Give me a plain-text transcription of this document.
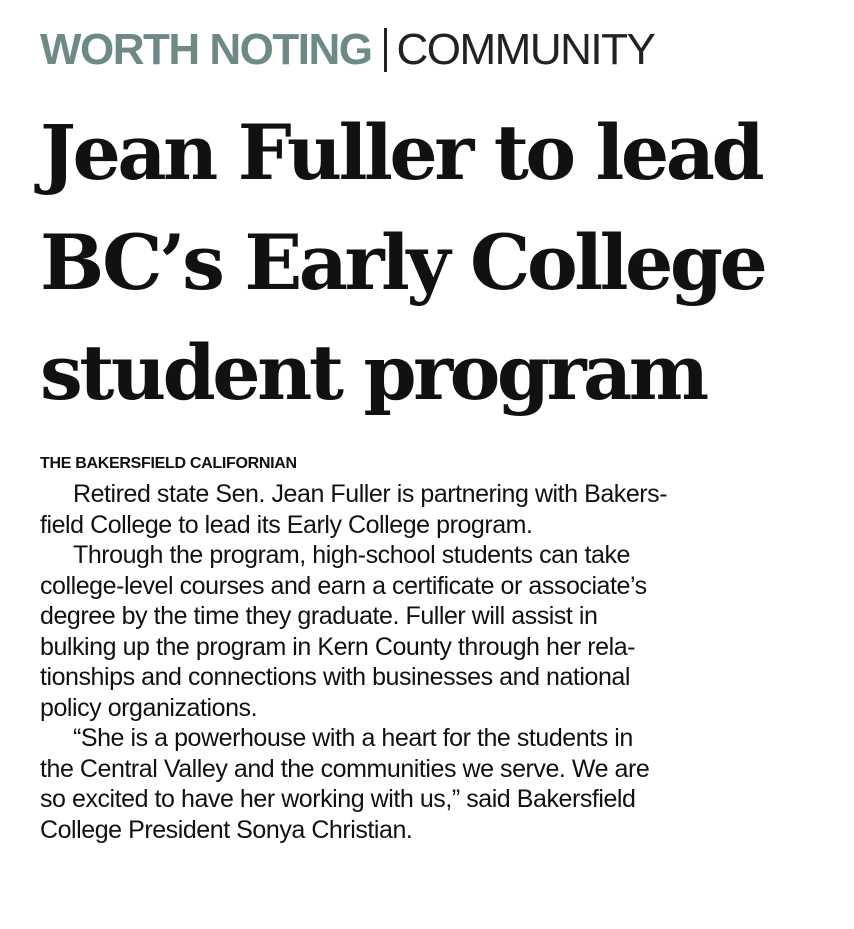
WORTH NOTING COMMUNITY
Jean Fuller to lead
BC’s Early College
student program
THE BAKERSFIELD CALIFORNIAN
Retired state Sen. Jean Fuller is partnering with Bakers-
field College to lead its Early College program.
Through the program, high-school students can take
college-level courses and earn a certificate or associate’s
degree by the time they graduate. Fuller will assist in
bulking up the program in Kern County through her rela-
tionships and connections with businesses and national
policy organizations.
“She is a powerhouse with a heart for the students in
the Central Valley and the communities we serve. We are
so excited to have her working with us,” said Bakersfield
College President Sonya Christian.
